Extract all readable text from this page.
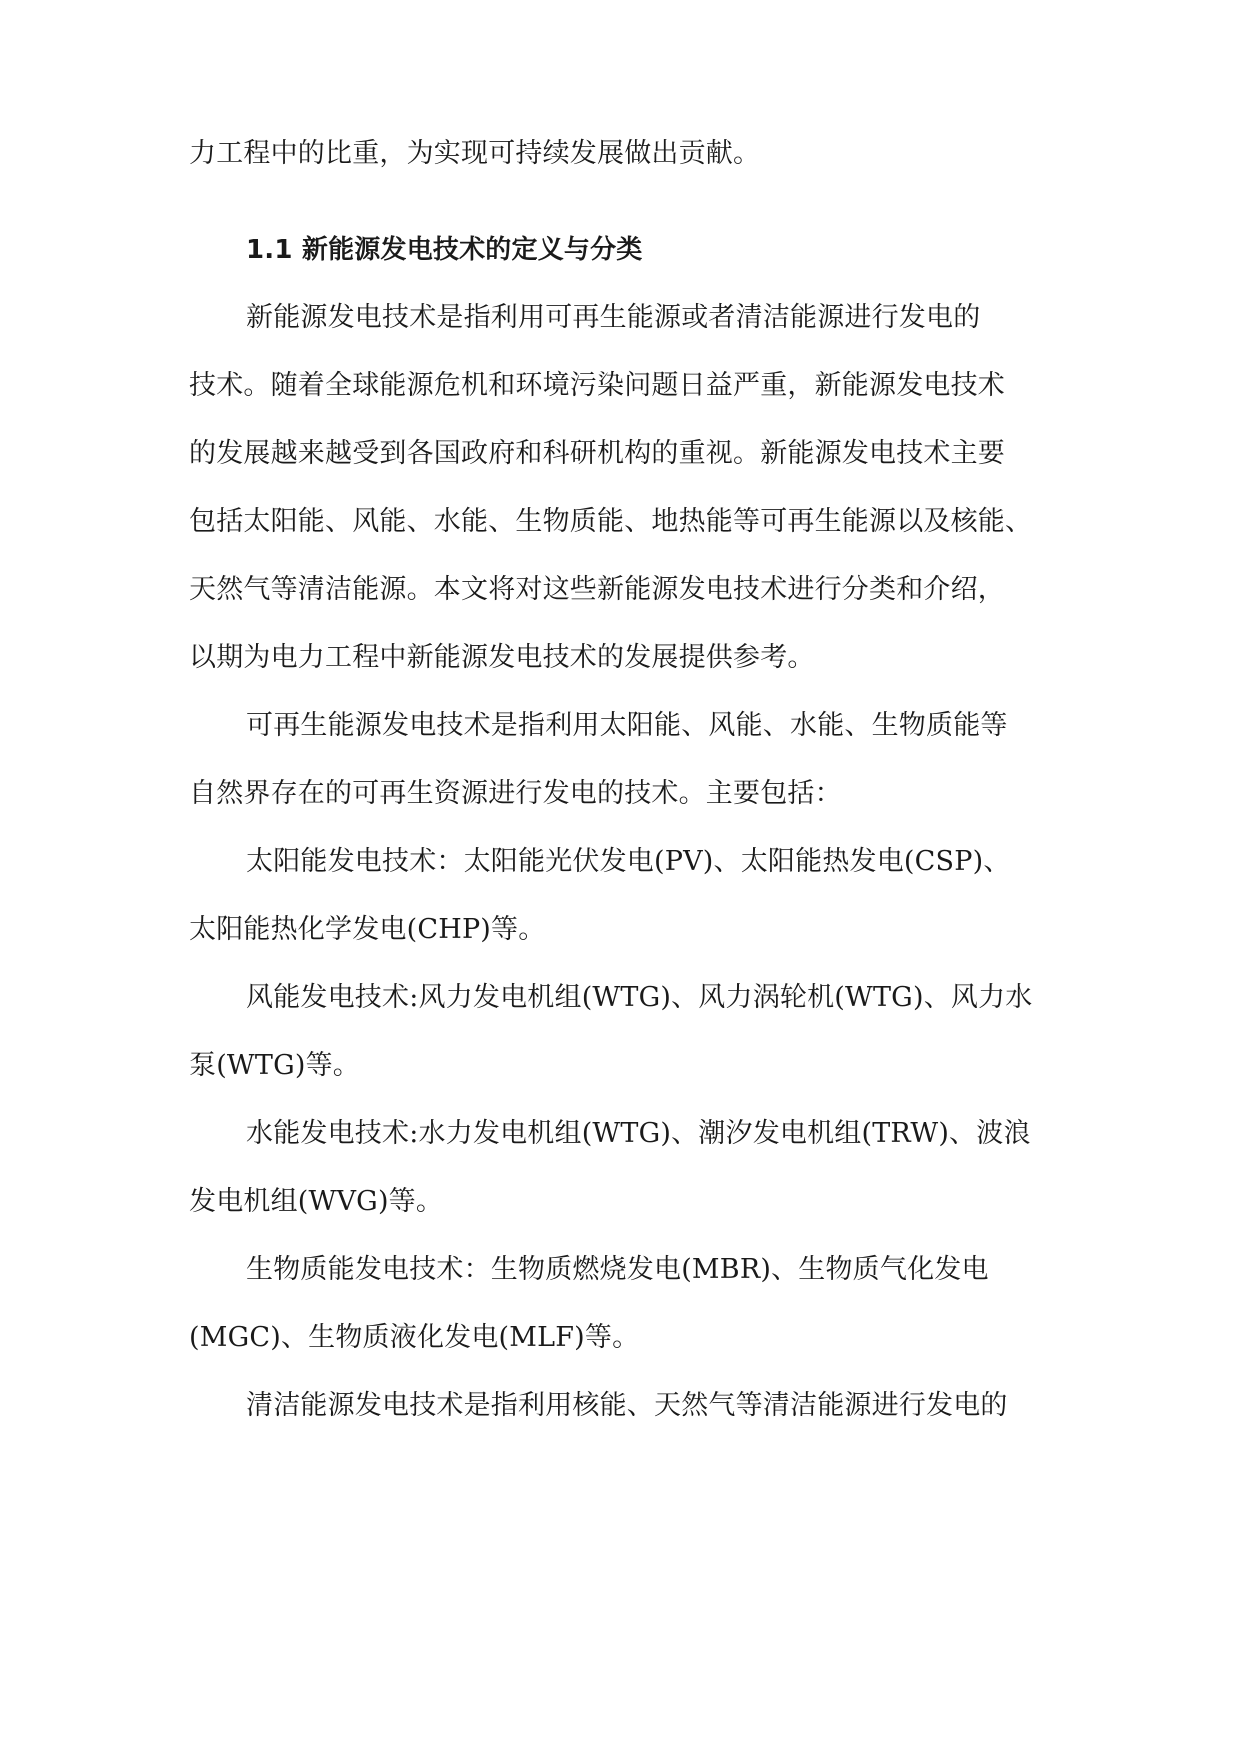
力工程中的比重，为实现可持续发展做出贡献。
1.1 新能源发电技术的定义与分类
新能源发电技术是指利用可再生能源或者清洁能源进行发电的
技术。随着全球能源危机和环境污染问题日益严重，新能源发电技术
的发展越来越受到各国政府和科研机构的重视。新能源发电技术主要
包括太阳能、风能、水能、生物质能、地热能等可再生能源以及核能、
天然气等清洁能源。本文将对这些新能源发电技术进行分类和介绍，
以期为电力工程中新能源发电技术的发展提供参考。
可再生能源发电技术是指利用太阳能、风能、水能、生物质能等
自然界存在的可再生资源进行发电的技术。主要包括：
太阳能发电技术：太阳能光伏发电(PV)、太阳能热发电(CSP)、
太阳能热化学发电(CHP)等。
风能发电技术:风力发电机组(WTG)、风力涡轮机(WTG)、风力水
泵(WTG)等。
水能发电技术:水力发电机组(WTG)、潮汐发电机组(TRW)、波浪
发电机组(WVG)等。
生物质能发电技术：生物质燃烧发电(MBR)、生物质气化发电
(MGC)、生物质液化发电(MLF)等。
清洁能源发电技术是指利用核能、天然气等清洁能源进行发电的
